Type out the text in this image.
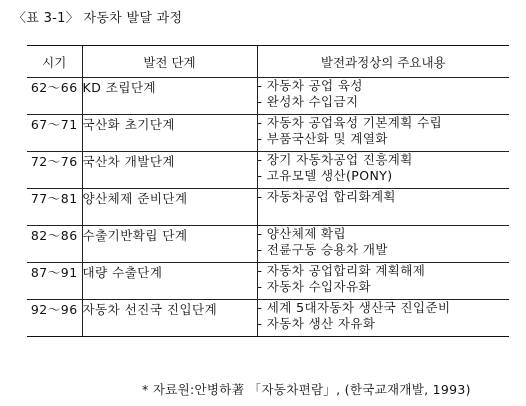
〈표 3-1〉 자동차 발달 과정
시기	발전 단계	발전과정상의 주요내용
62～66	KD 조립단계	- 자동차 공업 육성
- 완성차 수입금지

67～71	국산화 초기단계	- 자동차 공업육성 기본계획 수립
- 부품국산화 및 계열화

72～76	국산차 개발단계	- 장기 자동차공업 진흥계획
- 고유모델 생산(PONY)

77～81	양산체제 준비단계	- 자동차공업 합리화계획

82～86	수출기반확립 단계	- 양산체제 확립
- 전륜구동 승용차 개발

87～91	대량 수출단계	- 자동차 공업합리화 계획해제
- 자동차 수입자유화

92～96	자동차 선진국 진입단계	- 세계 5대자동차 생산국 진입준비
- 자동차 생산 자유화
* 자료원:안병하著 「자동차편람」, (한국교재개발, 1993)
